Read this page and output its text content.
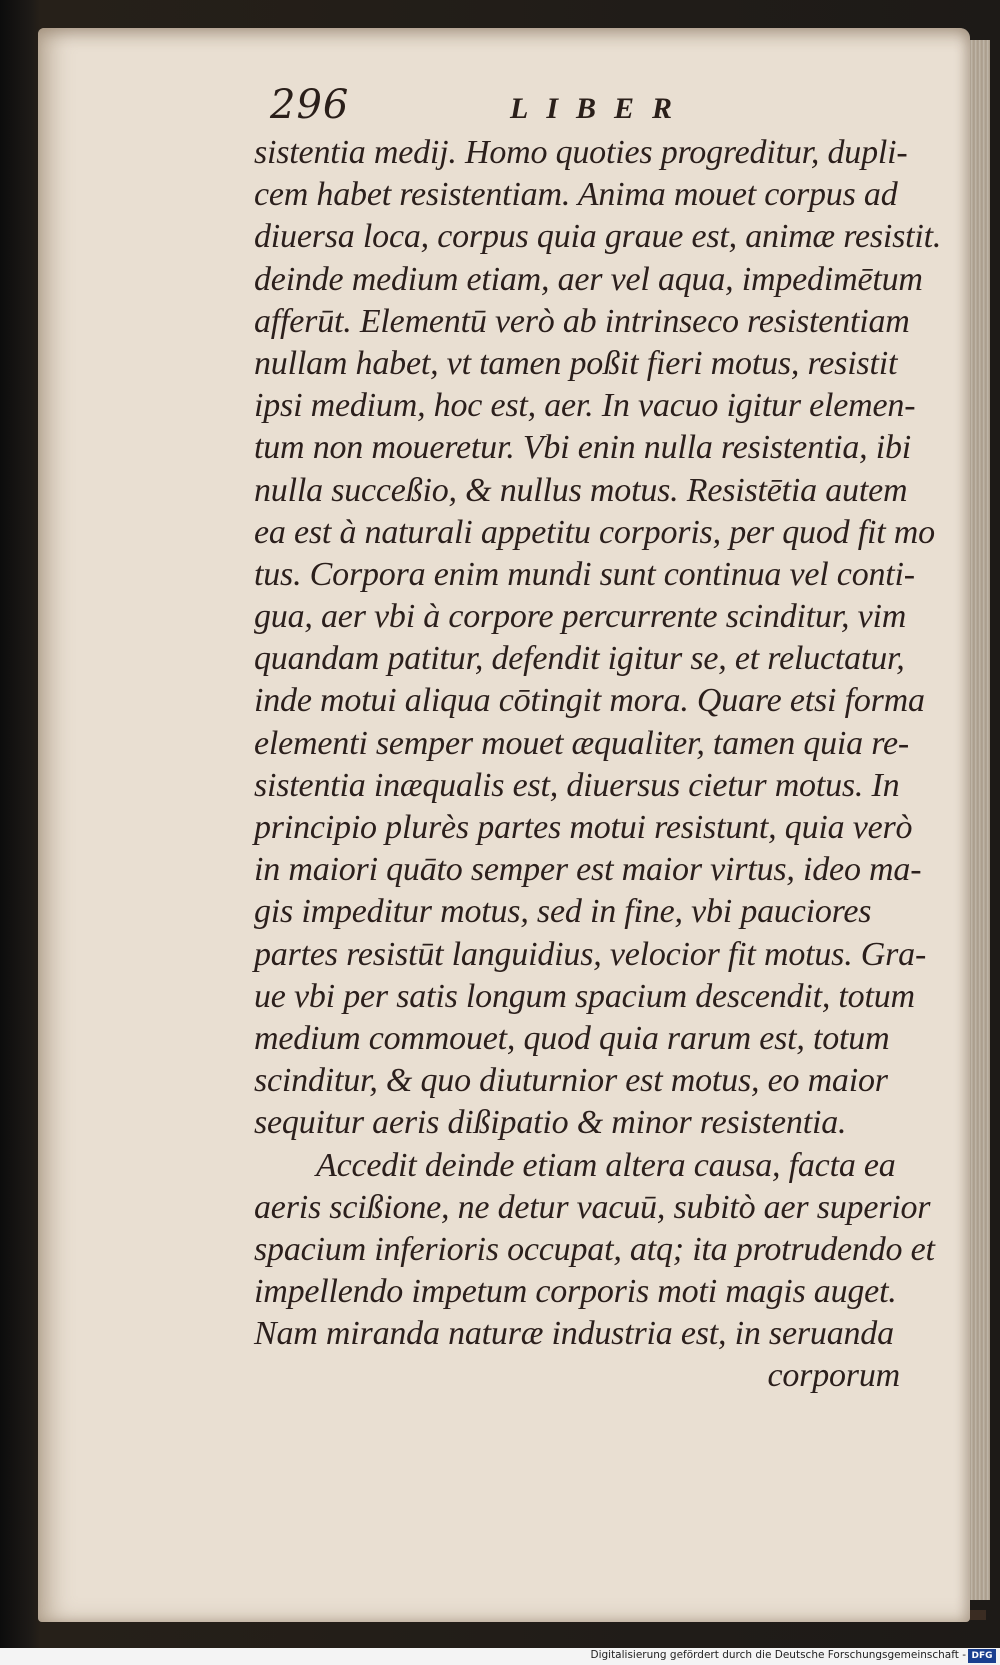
296	LIBER
sistentia medij. Homo quoties progreditur, dupli-
cem habet resistentiam. Anima mouet corpus ad
diuersa loca, corpus quia graue est, animæ resistit.
deinde medium etiam, aer vel aqua, impedimētum
afferūt. Elementū verò ab intrinseco resistentiam
nullam habet, vt tamen poßit fieri motus, resistit
ipsi medium, hoc est, aer. In vacuo igitur elemen-
tum non moueretur. Vbi enin nulla resistentia, ibi
nulla succeßio, & nullus motus. Resistētia autem
ea est à naturali appetitu corporis, per quod fit mo
tus. Corpora enim mundi sunt continua vel conti-
gua, aer vbi à corpore percurrente scinditur, vim
quandam patitur, defendit igitur se, et reluctatur,
inde motui aliqua cōtingit mora. Quare etsi forma
elementi semper mouet æqualiter, tamen quia re-
sistentia inæqualis est, diuersus cietur motus. In
principio plurès partes motui resistunt, quia verò
in maiori quāto semper est maior virtus, ideo ma-
gis impeditur motus, sed in fine, vbi pauciores
partes resistūt languidius, velocior fit motus. Gra-
ue vbi per satis longum spacium descendit, totum
medium commouet, quod quia rarum est, totum
scinditur, & quo diuturnior est motus, eo maior
sequitur aeris dißipatio & minor resistentia.
Accedit deinde etiam altera causa, facta ea
aeris scißione, ne detur vacuū, subitò aer superior
spacium inferioris occupat, atq; ita protrudendo et
impellendo impetum corporis moti magis auget.
Nam miranda naturæ industria est, in seruanda
corporum
Digitalisierung gefördert durch die Deutsche Forschungsgemeinschaft - DFG
